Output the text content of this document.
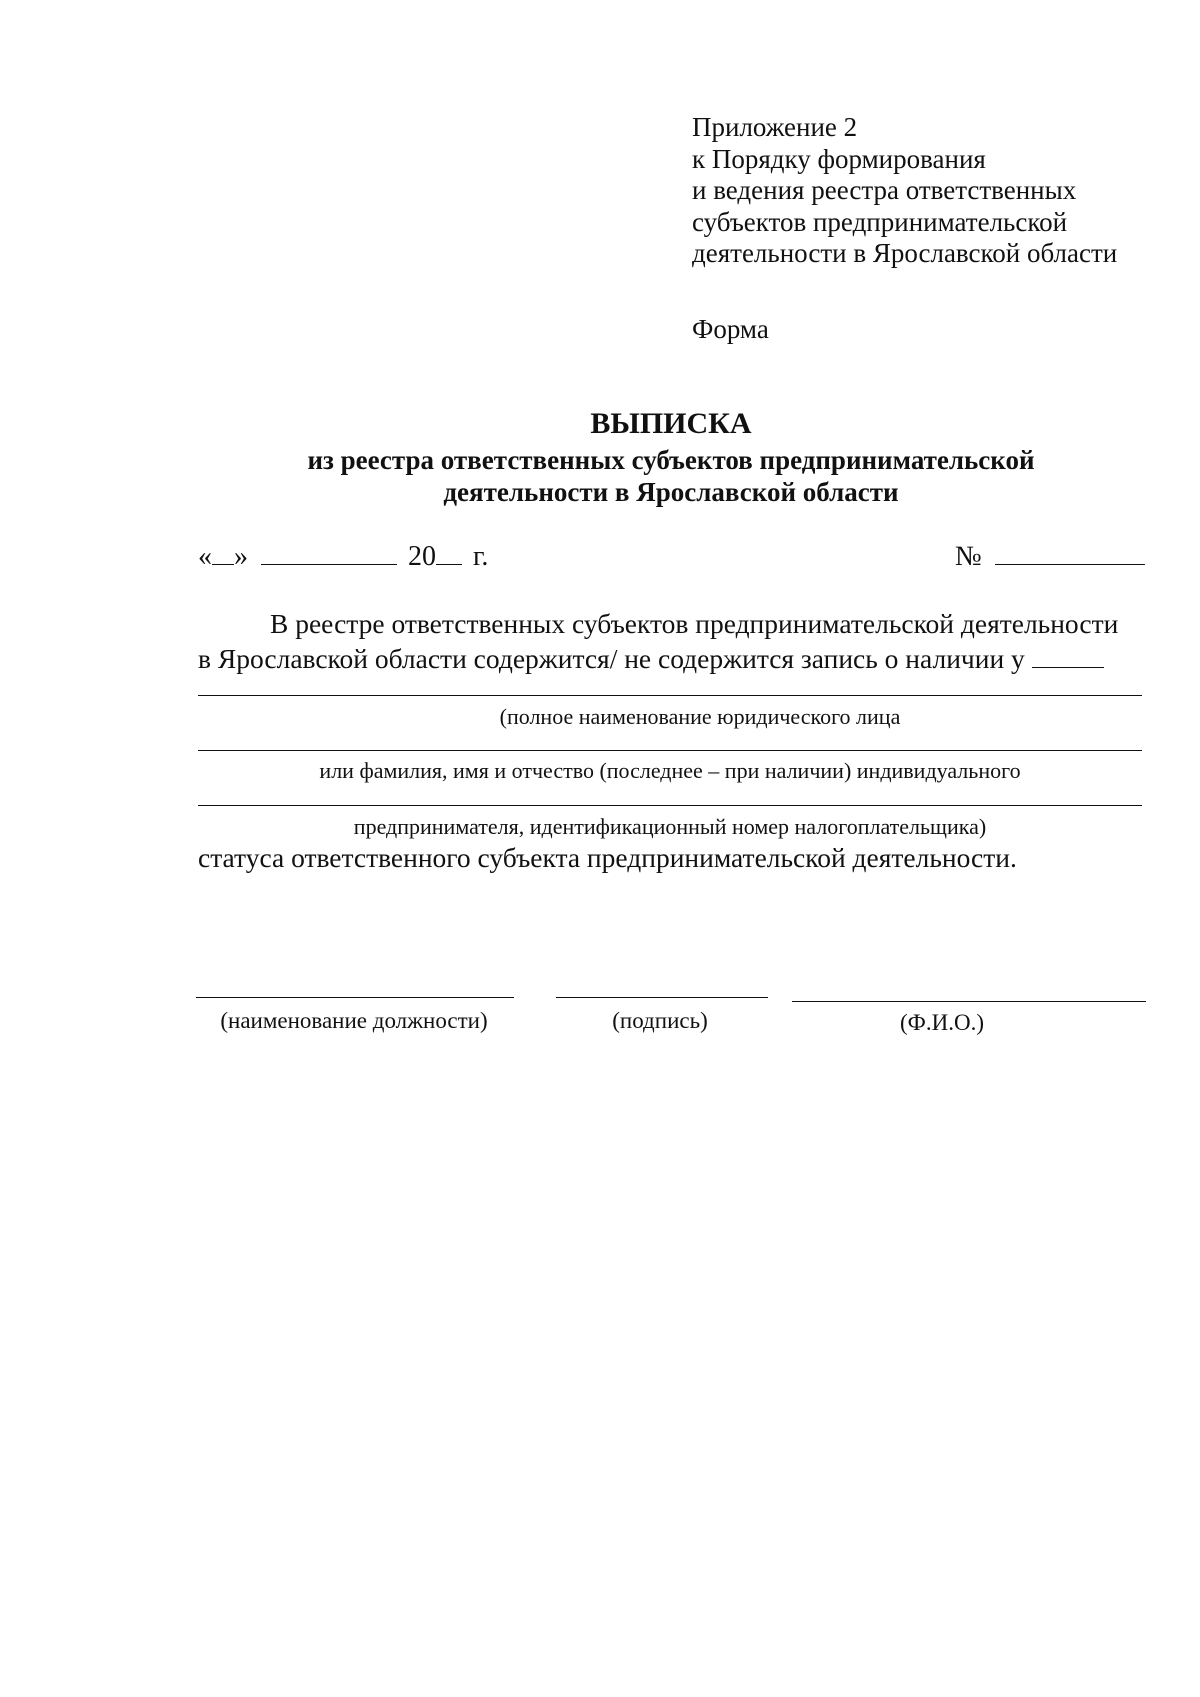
Приложение 2
к Порядку формирования
и ведения реестра ответственных
субъектов предпринимательской
деятельности в Ярославской области
Форма
ВЫПИСКА
из реестра ответственных субъектов предпринимательской
деятельности в Ярославской области
« »	20 г.	№
В реестре ответственных субъектов предпринимательской деятельности
в Ярославской области содержится/ не содержится запись о наличии у
(полное наименование юридического лица
или фамилия, имя и отчество (последнее – при наличии) индивидуального
предпринимателя, идентификационный номер налогоплательщика)
статуса ответственного субъекта предпринимательской деятельности.
(наименование должности)	(подпись)	(Ф.И.О.)
